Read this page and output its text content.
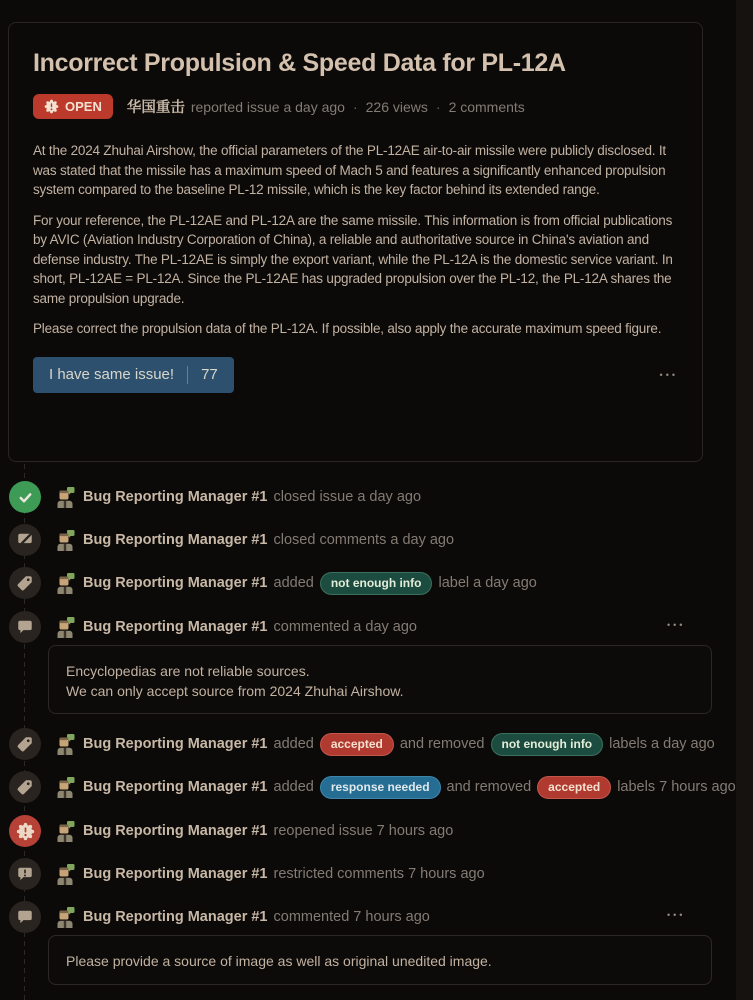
Incorrect Propulsion & Speed Data for PL-12A
OPEN 华国重击 reported issue a day ago · 226 views · 2 comments

At the 2024 Zhuhai Airshow, the official parameters of the PL-12AE air-to-air missile were publicly disclosed. It was stated that the missile has a maximum speed of Mach 5 and features a significantly enhanced propulsion system compared to the baseline PL-12 missile, which is the key factor behind its extended range.

For your reference, the PL-12AE and PL-12A are the same missile. This information is from official publications by AVIC (Aviation Industry Corporation of China), a reliable and authoritative source in China's aviation and defense industry. The PL-12AE is simply the export variant, while the PL-12A is the domestic service variant. In short, PL-12AE = PL-12A. Since the PL-12AE has upgraded propulsion over the PL-12, the PL-12A shares the same propulsion upgrade.

Please correct the propulsion data of the PL-12A. If possible, also apply the accurate maximum speed figure.

I have same issue! 77	•••
Bug Reporting Manager #1 closed issue a day ago
Bug Reporting Manager #1 closed comments a day ago
Bug Reporting Manager #1 added	not enough info	label a day ago
Bug Reporting Manager #1 commented a day ago	•••
Encyclopedias are not reliable sources.
We can only accept source from 2024 Zhuhai Airshow.
Bug Reporting Manager #1 added	accepted	and removed	not enough info	labels a day ago
Bug Reporting Manager #1 added	response needed	and removed	accepted	labels 7 hours ago
Bug Reporting Manager #1 reopened issue 7 hours ago
Bug Reporting Manager #1 restricted comments 7 hours ago
Bug Reporting Manager #1 commented 7 hours ago	•••
Please provide a source of image as well as original unedited image.
